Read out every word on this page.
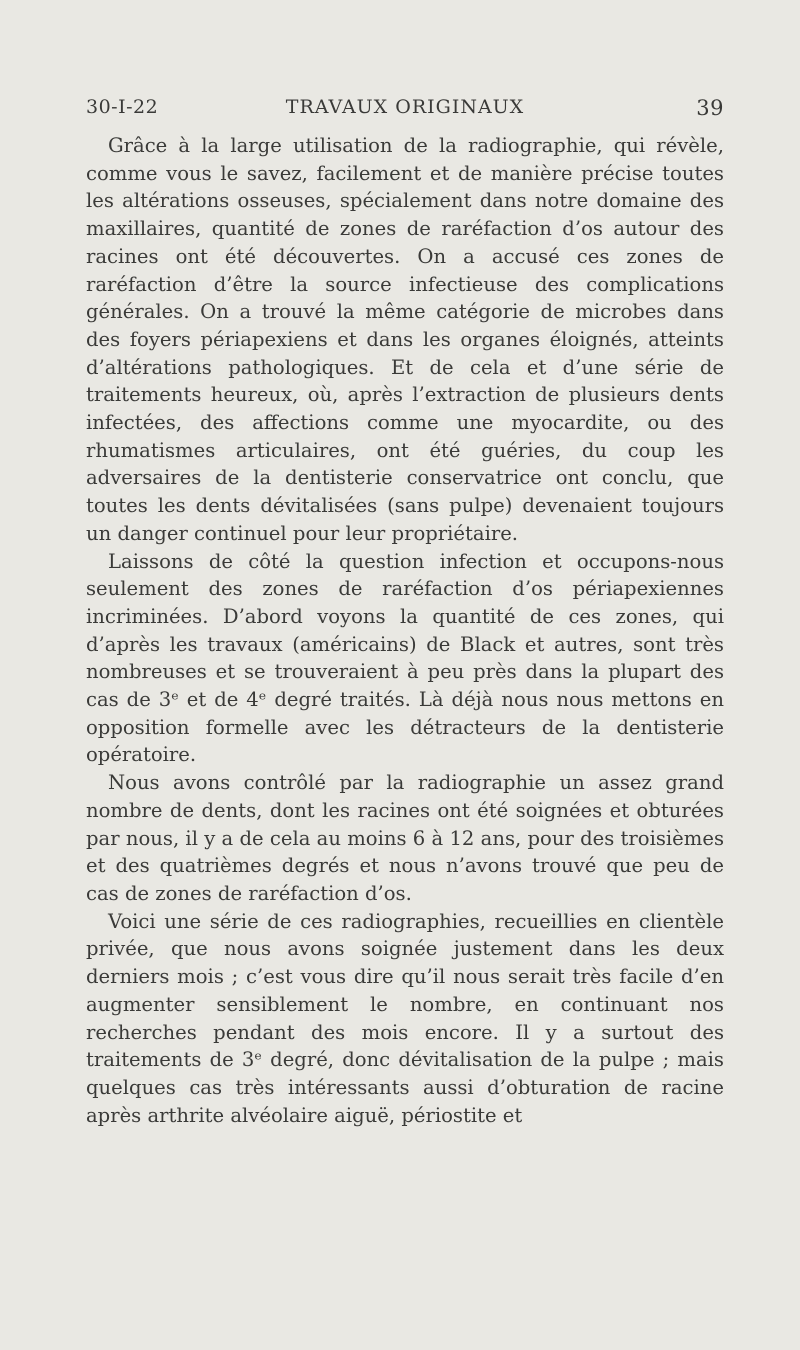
30-I-22	TRAVAUX ORIGINAUX	39

Grâce à la large utilisation de la radiographie, qui révèle, comme vous le savez, facilement et de manière précise toutes les altérations osseuses, spécialement dans notre domaine des maxillaires, quantité de zones de raréfaction d’os autour des racines ont été découvertes. On a accusé ces zones de raréfaction d’être la source infectieuse des complications générales. On a trouvé la même catégorie de microbes dans des foyers périapexiens et dans les organes éloignés, atteints d’altérations pathologiques. Et de cela et d’une série de traitements heureux, où, après l’extraction de plusieurs dents infectées, des affections comme une myocardite, ou des rhumatismes articulaires, ont été guéries, du coup les adversaires de la dentisterie conservatrice ont conclu, que toutes les dents dévitalisées (sans pulpe) devenaient toujours un danger continuel pour leur propriétaire.

Laissons de côté la question infection et occupons-nous seulement des zones de raréfaction d’os périapexiennes incriminées. D’abord voyons la quantité de ces zones, qui d’après les travaux (américains) de Black et autres, sont très nombreuses et se trouveraient à peu près dans la plupart des cas de 3ᵉ et de 4ᵉ degré traités. Là déjà nous nous mettons en opposition formelle avec les détracteurs de la dentisterie opératoire.

Nous avons contrôlé par la radiographie un assez grand nombre de dents, dont les racines ont été soignées et obturées par nous, il y a de cela au moins 6 à 12 ans, pour des troisièmes et des quatrièmes degrés et nous n’avons trouvé que peu de cas de zones de raréfaction d’os.

Voici une série de ces radiographies, recueillies en clientèle privée, que nous avons soignée justement dans les deux derniers mois ; c’est vous dire qu’il nous serait très facile d’en augmenter sensiblement le nombre, en continuant nos recherches pendant des mois encore. Il y a surtout des traitements de 3ᵉ degré, donc dévitalisation de la pulpe ; mais quelques cas très intéressants aussi d’obturation de racine après arthrite alvéolaire aiguë, périostite et
